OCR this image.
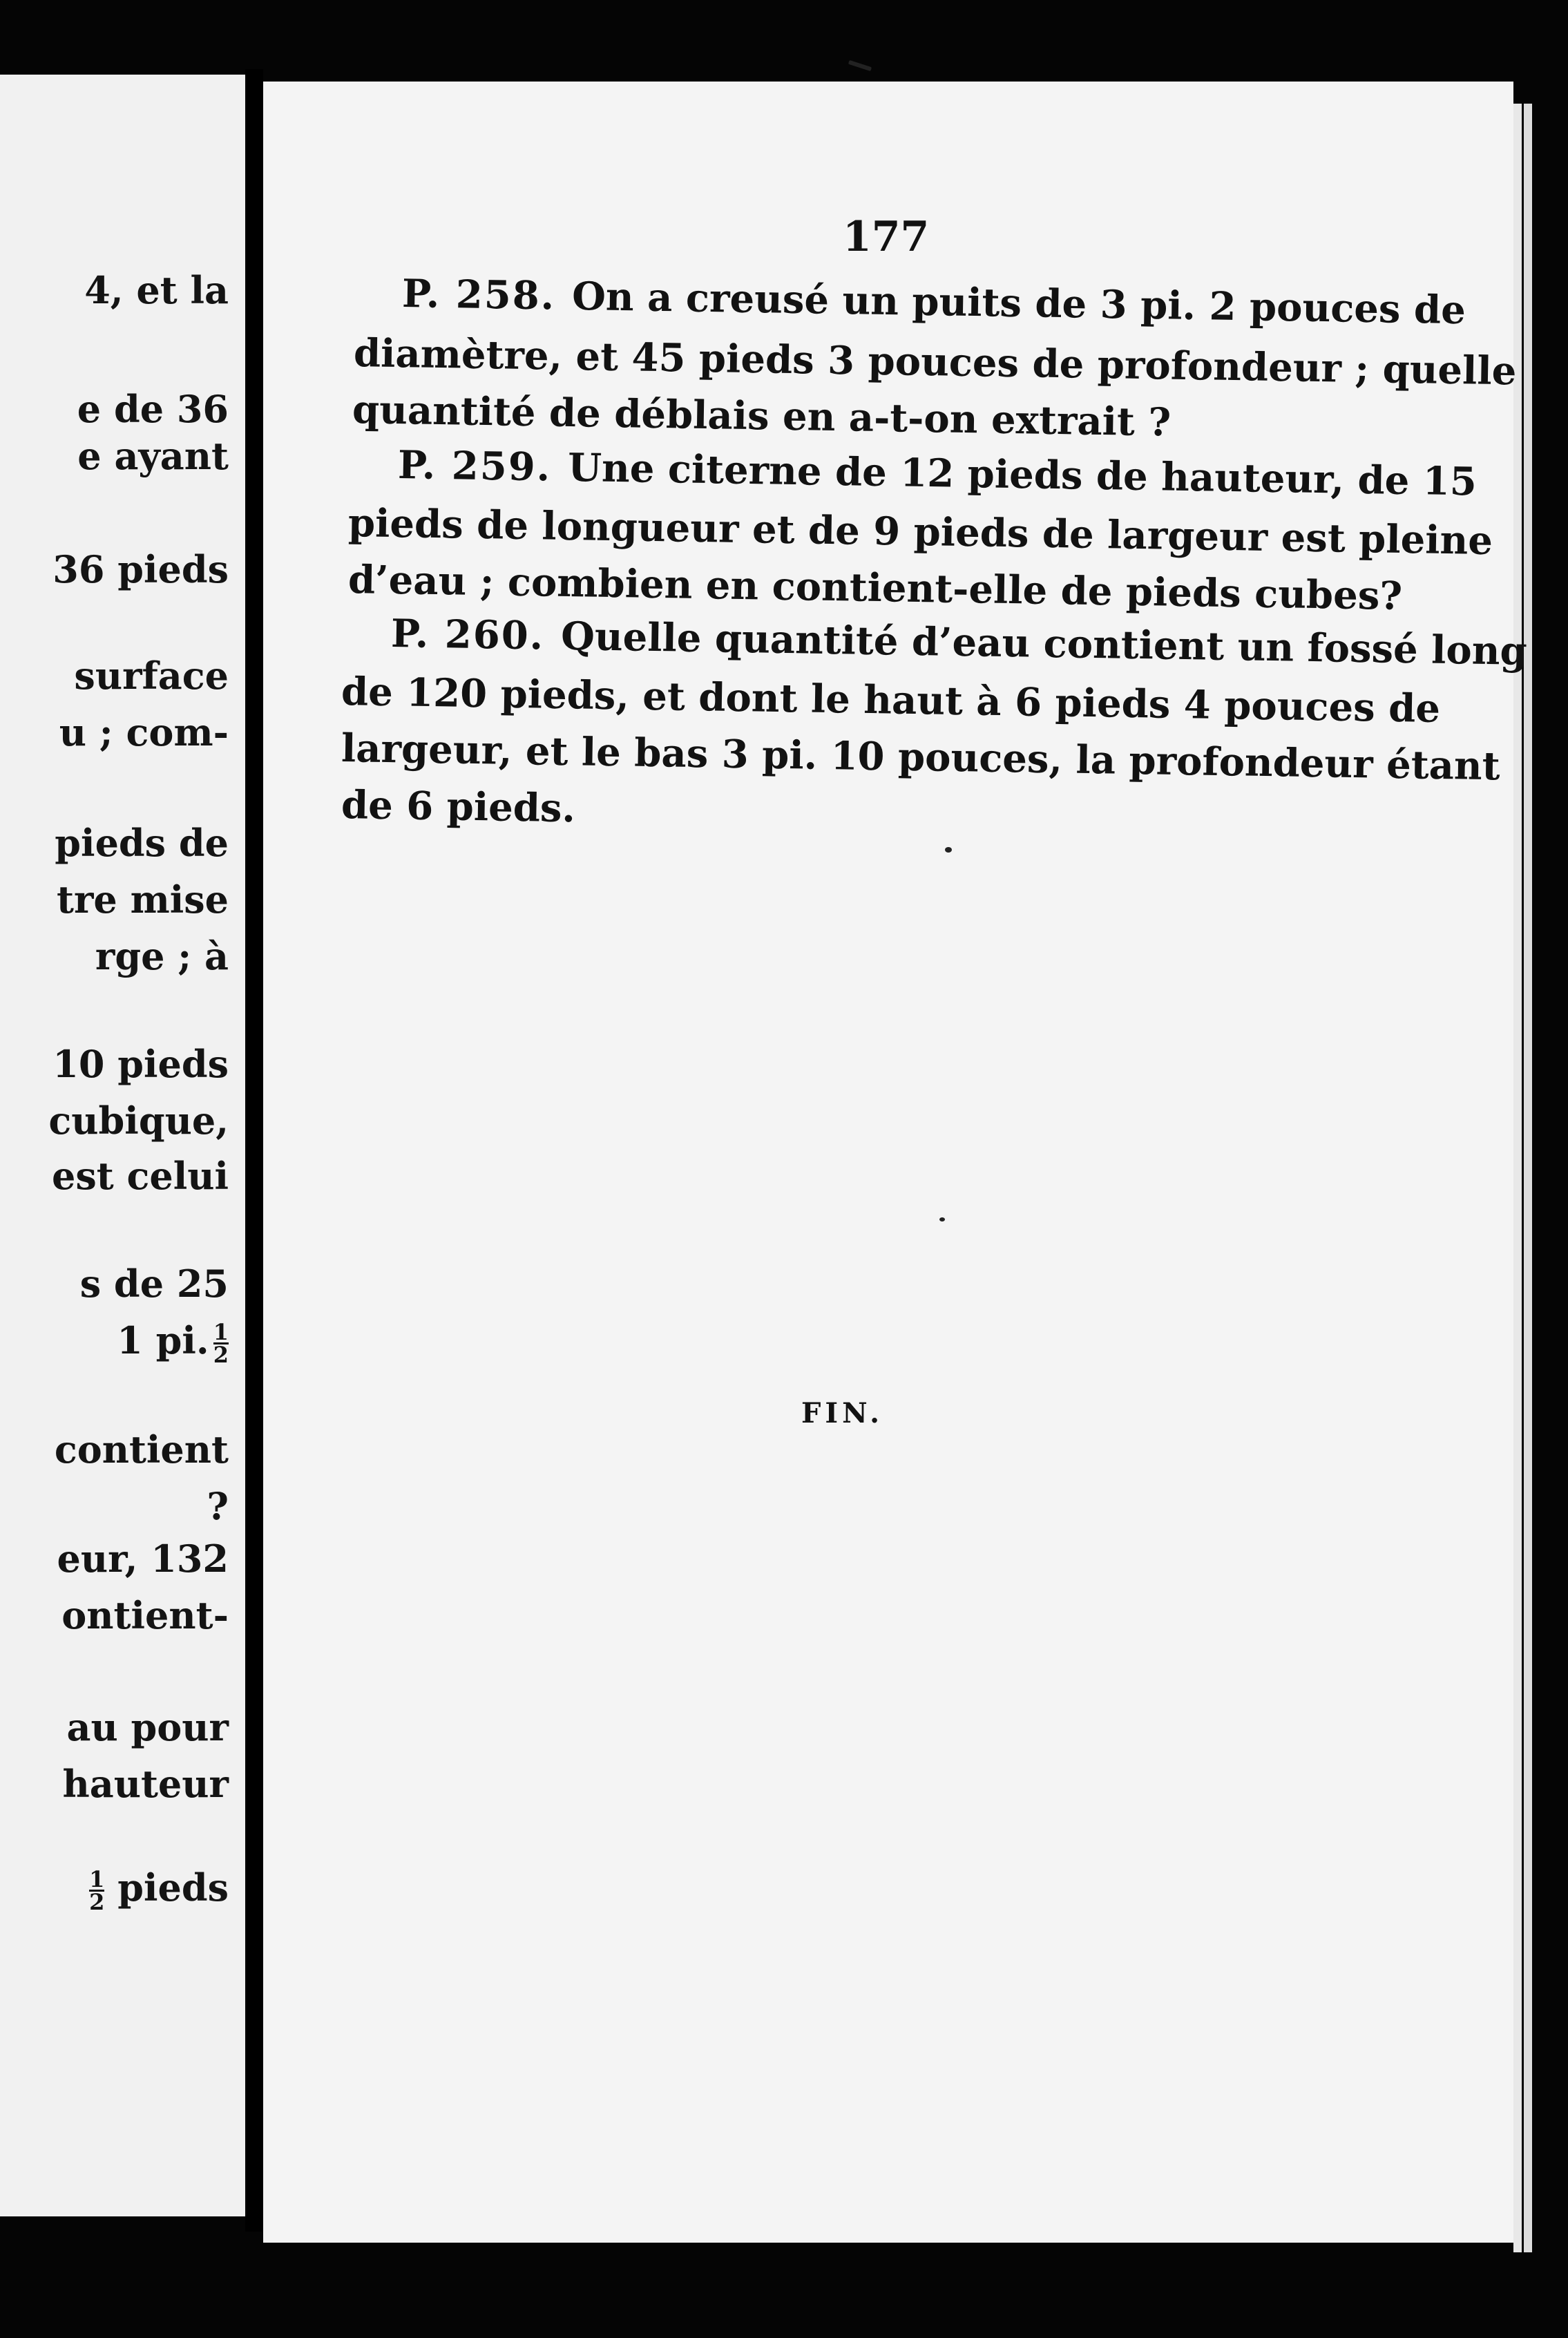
4, et la
e de 36
e ayant
36 pieds
surface
u ; com-
pieds de
tre mise
rge ; à
10 pieds
cubique,
est celui
s de 25
1 pi. $\frac{1}{2}$
contient
?
eur, 132
ontient-
au pour
hauteur
$\frac{1}{2}$ pieds
177
P. 258. On a creusé un puits de 3 pi. 2 pouces de
diamètre, et 45 pieds 3 pouces de profondeur ; quelle
quantité de déblais en a-t-on extrait ?
P. 259. Une citerne de 12 pieds de hauteur, de 15
pieds de longueur et de 9 pieds de largeur est pleine
d’eau ; combien en contient-elle de pieds cubes?
P. 260. Quelle quantité d’eau contient un fossé long
de 120 pieds, et dont le haut à 6 pieds 4 pouces de
largeur, et le bas 3 pi. 10 pouces, la profondeur étant
de 6 pieds.
FIN.
